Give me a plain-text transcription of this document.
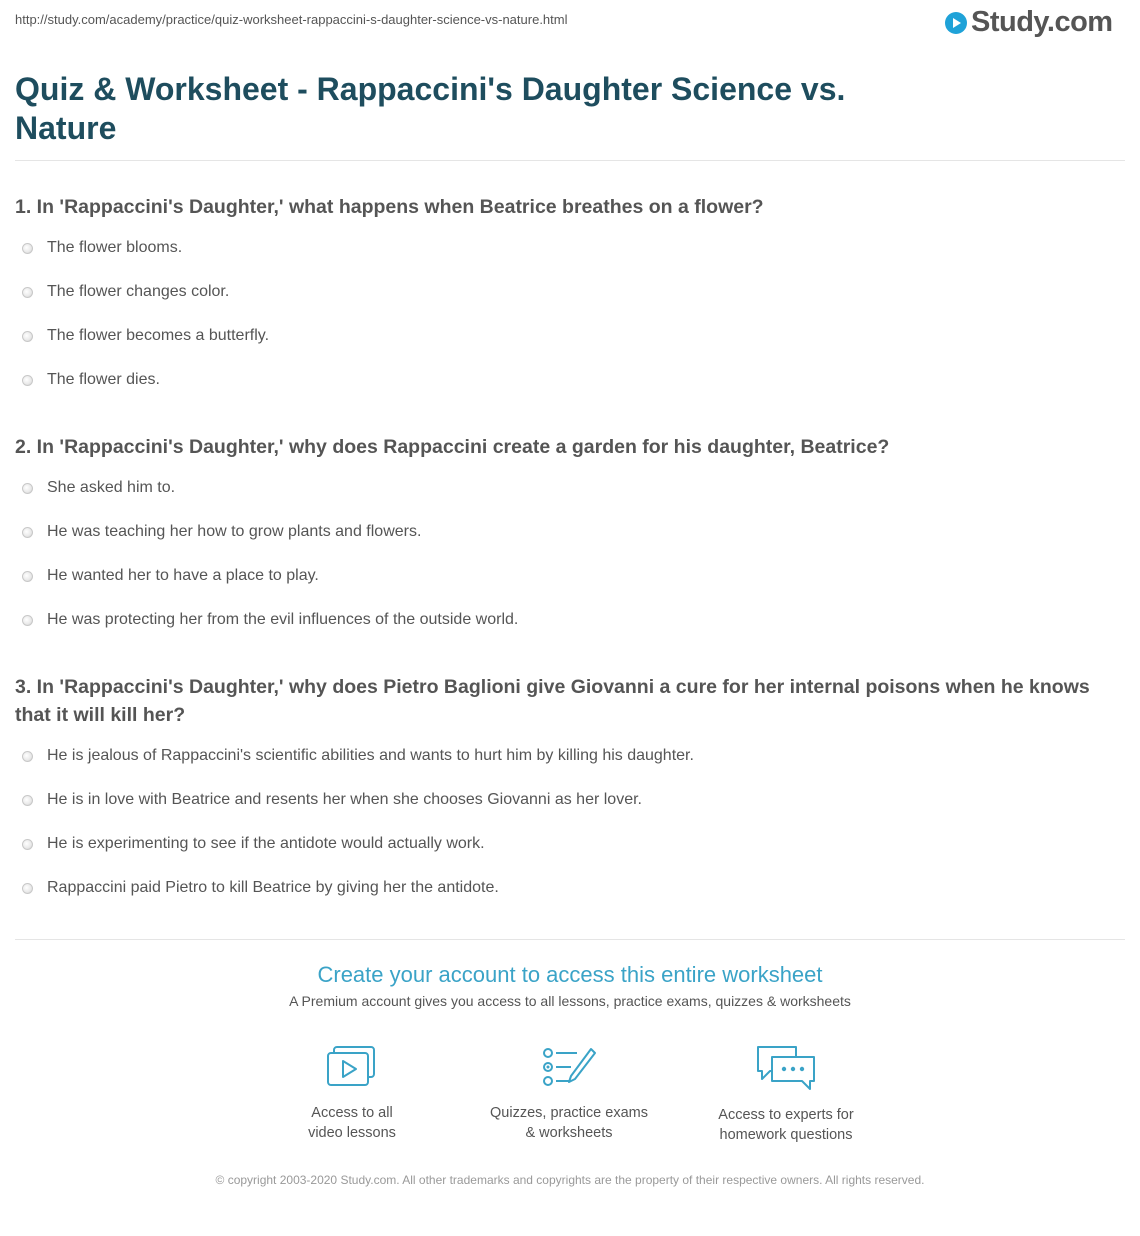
http://study.com/academy/practice/quiz-worksheet-rappaccini-s-daughter-science-vs-nature.html	Study.com
Quiz & Worksheet - Rappaccini's Daughter Science vs. Nature
1. In 'Rappaccini's Daughter,' what happens when Beatrice breathes on a flower?
The flower blooms.
The flower changes color.
The flower becomes a butterfly.
The flower dies.
2. In 'Rappaccini's Daughter,' why does Rappaccini create a garden for his daughter, Beatrice?
She asked him to.
He was teaching her how to grow plants and flowers.
He wanted her to have a place to play.
He was protecting her from the evil influences of the outside world.
3. In 'Rappaccini's Daughter,' why does Pietro Baglioni give Giovanni a cure for her internal poisons when he knows that it will kill her?
He is jealous of Rappaccini's scientific abilities and wants to hurt him by killing his daughter.
He is in love with Beatrice and resents her when she chooses Giovanni as her lover.
He is experimenting to see if the antidote would actually work.
Rappaccini paid Pietro to kill Beatrice by giving her the antidote.
Create your account to access this entire worksheet
A Premium account gives you access to all lessons, practice exams, quizzes & worksheets
Access to all
video lessons
Quizzes, practice exams
& worksheets
Access to experts for
homework questions
© copyright 2003-2020 Study.com. All other trademarks and copyrights are the property of their respective owners. All rights reserved.
